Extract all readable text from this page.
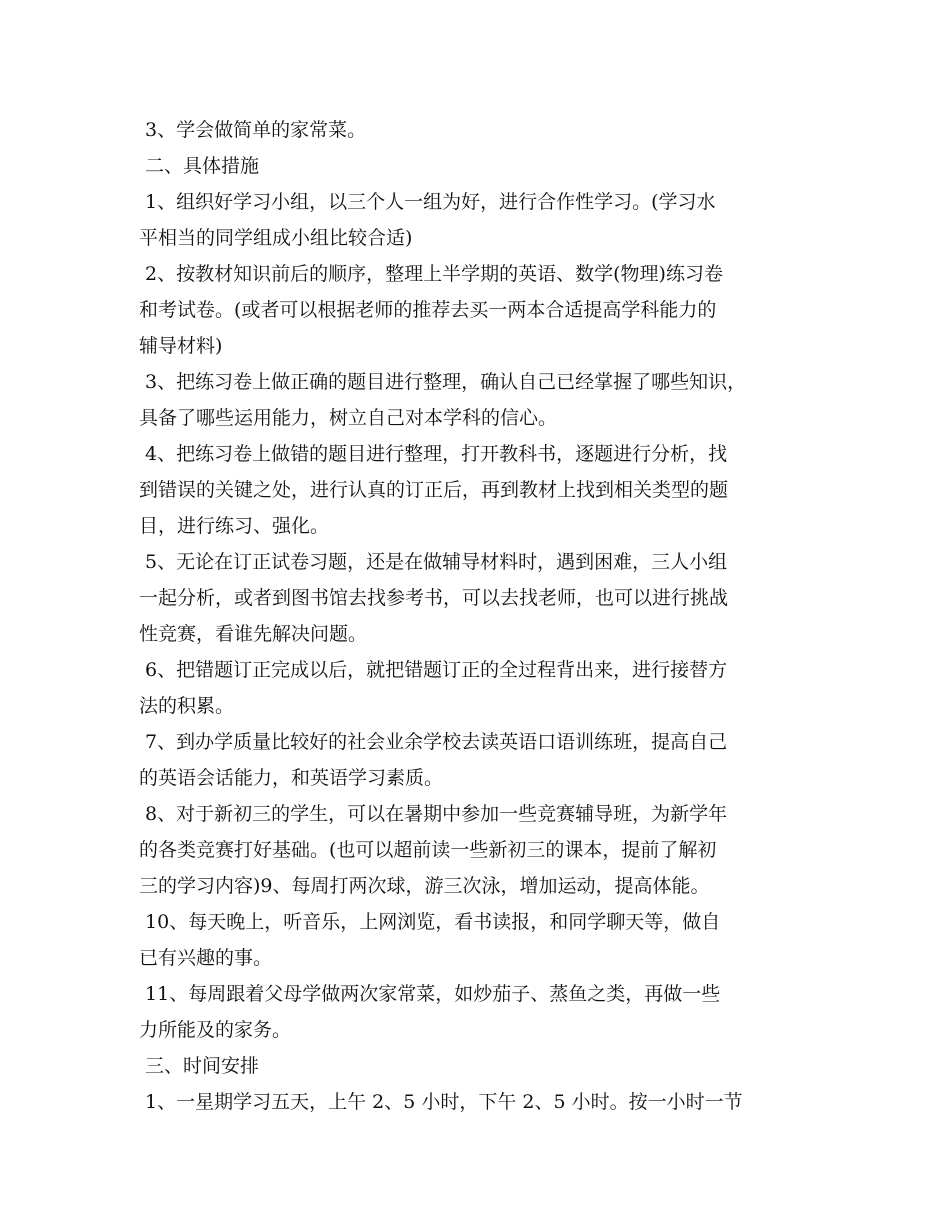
3、学会做简单的家常菜。
二、具体措施
1、组织好学习小组，以三个人一组为好，进行合作性学习。(学习水
平相当的同学组成小组比较合适)
2、按教材知识前后的顺序，整理上半学期的英语、数学(物理)练习卷
和考试卷。(或者可以根据老师的推荐去买一两本合适提高学科能力的
辅导材料)
3、把练习卷上做正确的题目进行整理，确认自己已经掌握了哪些知识，
具备了哪些运用能力，树立自己对本学科的信心。
4、把练习卷上做错的题目进行整理，打开教科书，逐题进行分析，找
到错误的关键之处，进行认真的订正后，再到教材上找到相关类型的题
目，进行练习、强化。
5、无论在订正试卷习题，还是在做辅导材料时，遇到困难，三人小组
一起分析，或者到图书馆去找参考书，可以去找老师，也可以进行挑战
性竞赛，看谁先解决问题。
6、把错题订正完成以后，就把错题订正的全过程背出来，进行接替方
法的积累。
7、到办学质量比较好的社会业余学校去读英语口语训练班，提高自己
的英语会话能力，和英语学习素质。
8、对于新初三的学生，可以在暑期中参加一些竞赛辅导班，为新学年
的各类竞赛打好基础。(也可以超前读一些新初三的课本，提前了解初
三的学习内容)9、每周打两次球，游三次泳，增加运动，提高体能。
10、每天晚上，听音乐，上网浏览，看书读报，和同学聊天等，做自
已有兴趣的事。
11、每周跟着父母学做两次家常菜，如炒茄子、蒸鱼之类，再做一些
力所能及的家务。
三、时间安排
1、一星期学习五天，上午 2、5 小时，下午 2、5 小时。按一小时一节
